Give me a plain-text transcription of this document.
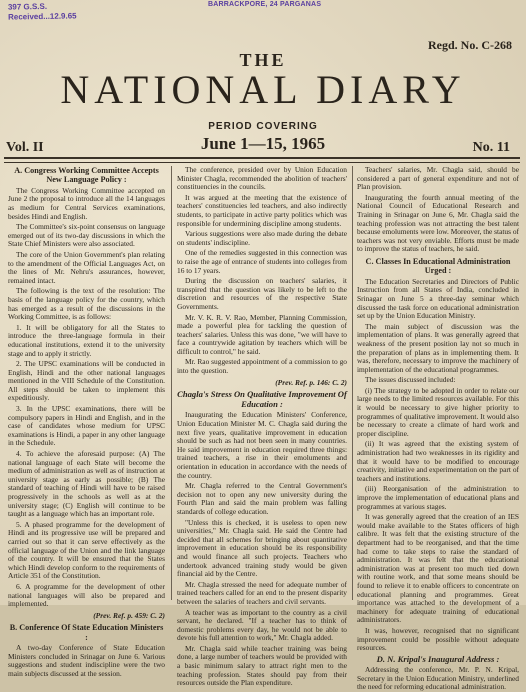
397 G.S.S.
Received...12.9.65
BARRACKPORE, 24 PARGANAS
Regd. No. C-268
THE
NATIONAL DIARY
Vol. II	No. 11
PERIOD COVERING
June 1—15, 1965
A. Congress Working Committee Accepts New Language Policy :

The Congress Working Committee accepted on June 2 the proposal to introduce all the 14 languages as medium for Central Services examinations, besides Hindi and English.

The Committee's six-point consensus on language emerged out of its two-day discussions in which the State Chief Ministers were also associated.

The core of the Union Government's plan relating to the amendment of the Official Languages Act, on the lines of Mr. Nehru's assurances, however, remained intact.

The following is the text of the resolution: The basis of the language policy for the country, which has emerged as a result of the discussions in the Working Committee, is as follows:

1. It will be obligatory for all the States to introduce the three-language formula in their educational institutions, extend it to the university stage and to apply it strictly.

2. The UPSC examinations will be conducted in English, Hindi and the other national languages mentioned in the VIII Schedule of the Constitution. All steps should be taken to implement this expeditiously.

3. In the UPSC examinations, there will be compulsory papers in Hindi and English, and in the case of candidates whose medium for UPSC examinations is Hindi, a paper in any other language in the Schedule.

4. To achieve the aforesaid purpose: (A) The national language of each State will become the medium of administration as well as of instruction at university stage as early as possible; (B) The standard of teaching of Hindi will have to be raised progressively in the schools as well as at the university stage; (C) English will continue to be taught as a language which has an important role.

5. A phased programme for the development of Hindi and its progressive use will be prepared and carried out so that it can serve effectively as the official language of the Union and the link language of the country. It will be ensured that the States which Hindi develop conform to the requirements of Article 351 of the Constitution.

6. A programme for the development of other national languages will also be prepared and implemented.

(Prev. Ref. p. 459: C. 2)

B. Conference Of State Education Ministers :

A two-day Conference of State Education Ministers concluded in Srinagar on June 6. Various suggestions and student indiscipline were the two main subjects discussed at the session.

The conference, presided over by Union Education Minister Chagla, recommended the abolition of teachers' constituencies in the councils.

It was argued at the meeting that the existence of teachers' constituencies led teachers, and also indirectly students, to participate in active party politics which was responsible for undermining discipline among students.

Various suggestions were also made during the debate on students' indiscipline.

One of the remedies suggested in this connection was to raise the age of entrance of students into colleges from 16 to 17 years.

During the discussion on teachers' salaries, it transpired that the question was likely to be left to the discretion and resources of the respective State Governments.

Mr. V. K. R. V. Rao, Member, Planning Commission, made a powerful plea for tackling the question of teachers' salaries. Unless this was done, "we will have to face a countrywide agitation by teachers which will be difficult to control," he said.

Mr. Rao suggested appointment of a commission to go into the question.

(Prev. Ref. p. 146: C. 2)

Chagla's Stress On Qualitative Improvement Of Education :

Inaugurating the Education Ministers' Conference, Union Education Minister M. C. Chagla said during the next five years, qualitative improvement in education should be such as had not been seen in many countries. He said improvement in education required three things: trained teachers, a rise in their emoluments and orientation in education in accordance with the needs of the country.

Mr. Chagla referred to the Central Government's decision not to open any new university during the Fourth Plan and said the main problem was falling standards of college education.

"Unless this is checked, it is useless to open new universities," Mr. Chagla said. He said the Centre had decided that all schemes for bringing about quantitative improvement in education should be its responsibility and would finance all such projects. Teachers who undertook advanced training study would be given financial aid by the Centre.

Mr. Chagla stressed the need for adequate number of trained teachers called for an end to the present disparity between the salaries of teachers and civil servants.

A teacher was as important to the country as a civil servant, he declared. "If a teacher has to think of domestic problems every day, he would not be able to devote his full attention to work," Mr. Chagla added.

Mr. Chagla said while teacher training was being done, a large number of teachers would be provided with a basic minimum salary to attract right men to the teaching profession. States should pay from their resources outside the Plan expenditure.

Teachers' salaries, Mr. Chagla said, should be considered a part of general expenditure and not of Plan provision.

Inaugurating the fourth annual meeting of the National Council of Educational Research and Training in Srinagar on June 6, Mr. Chagla said the teaching profession was not attracting the best talent because emoluments were low. Moreover, the status of teachers was not very enviable. Efforts must be made to improve the status of teachers, he said.

C. Classes In Educational Administration Urged :

The Education Secretaries and Directors of Public Instruction from all States of India, concluded in Srinagar on June 5 a three-day seminar which discussed the task force on educational administration set up by the Union Education Ministry.

The main subject of discussion was the implementation of plans. It was generally agreed that weakness of the present position lay not so much in the preparation of plans as in implementing them. It was, therefore, necessary to improve the machinery of implementation of the educational programmes.

The issues discussed included:

(i) The strategy to be adopted in order to relate our large needs to the limited resources available. For this it would be necessary to give higher priority to programmes of qualitative improvement. It would also be necessary to create a climate of hard work and proper discipline.

(ii) It was agreed that the existing system of administration had two weaknesses in its rigidity and that it would have to be modified to encourage creativity, initiative and experimentation on the part of teachers and institutions.

(iii) Reorganisation of the administration to improve the implementation of educational plans and programmes at various stages.

It was generally agreed that the creation of an IES would make available to the States officers of high calibre. It was felt that the existing structure of the department had to be reorganised, and that the time had come to take steps to raise the standard of administration. It was felt that the educational administration was at present too much tied down with routine work, and that some means should be found to relieve it to enable officers to concentrate on educational planning and programmes. Great importance was attached to the development of a machinery for adequate training of educational administrators.

It was, however, recognised that no significant improvement could be possible without adequate resources.

D. N. Kripal's Inaugural Address :

Addressing the conference, Mr. P. N. Kripal, Secretary in the Union Education Ministry, underlined the need for reforming educational administration.
